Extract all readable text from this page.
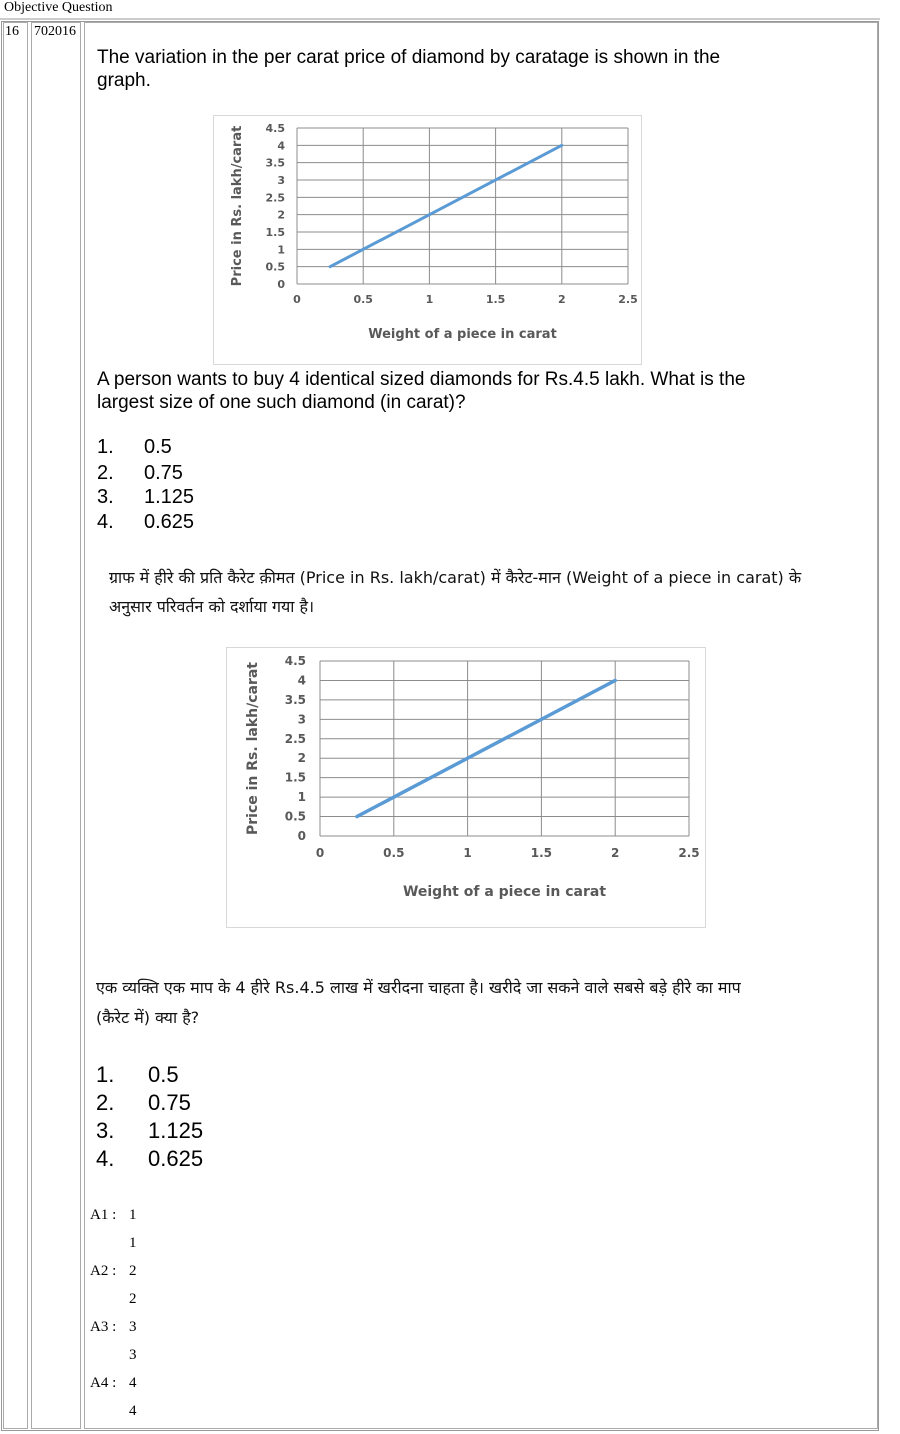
Objective Question
16 702016
The variation in the per carat price of diamond by caratage is shown in the
graph.
0
0.5
1
1.5
2
2.5
3
3.5
4
4.5
0	0.5	1	1.5	2	2.5
Weight of a piece in carat
Price in Rs. lakh/carat
A person wants to buy 4 identical sized diamonds for Rs.4.5 lakh. What is the
largest size of one such diamond (in carat)?
1. 0.5
2. 0.75
3. 1.125
4. 0.625
ग्राफ में हीरे की प्रति कैरेट क़ीमत (Price in Rs. lakh/carat) में कैरेट-मान (Weight of a piece in carat) के
अनुसार परिवर्तन को दर्शाया गया है।
0
0.5
1
1.5
2
2.5
3
3.5
4
4.5
0	0.5	1	1.5	2	2.5
Weight of a piece in carat
Price in Rs. lakh/carat
एक व्यक्ति एक माप के 4 हीरे Rs.4.5 लाख में खरीदना चाहता है। खरीदे जा सकने वाले सबसे बड़े हीरे का माप
(कैरेट में) क्या है?
1. 0.5
2. 0.75
3. 1.125
4. 0.625
A1 : 1
1
A2 : 2
2
A3 : 3
3
A4 : 4
4
